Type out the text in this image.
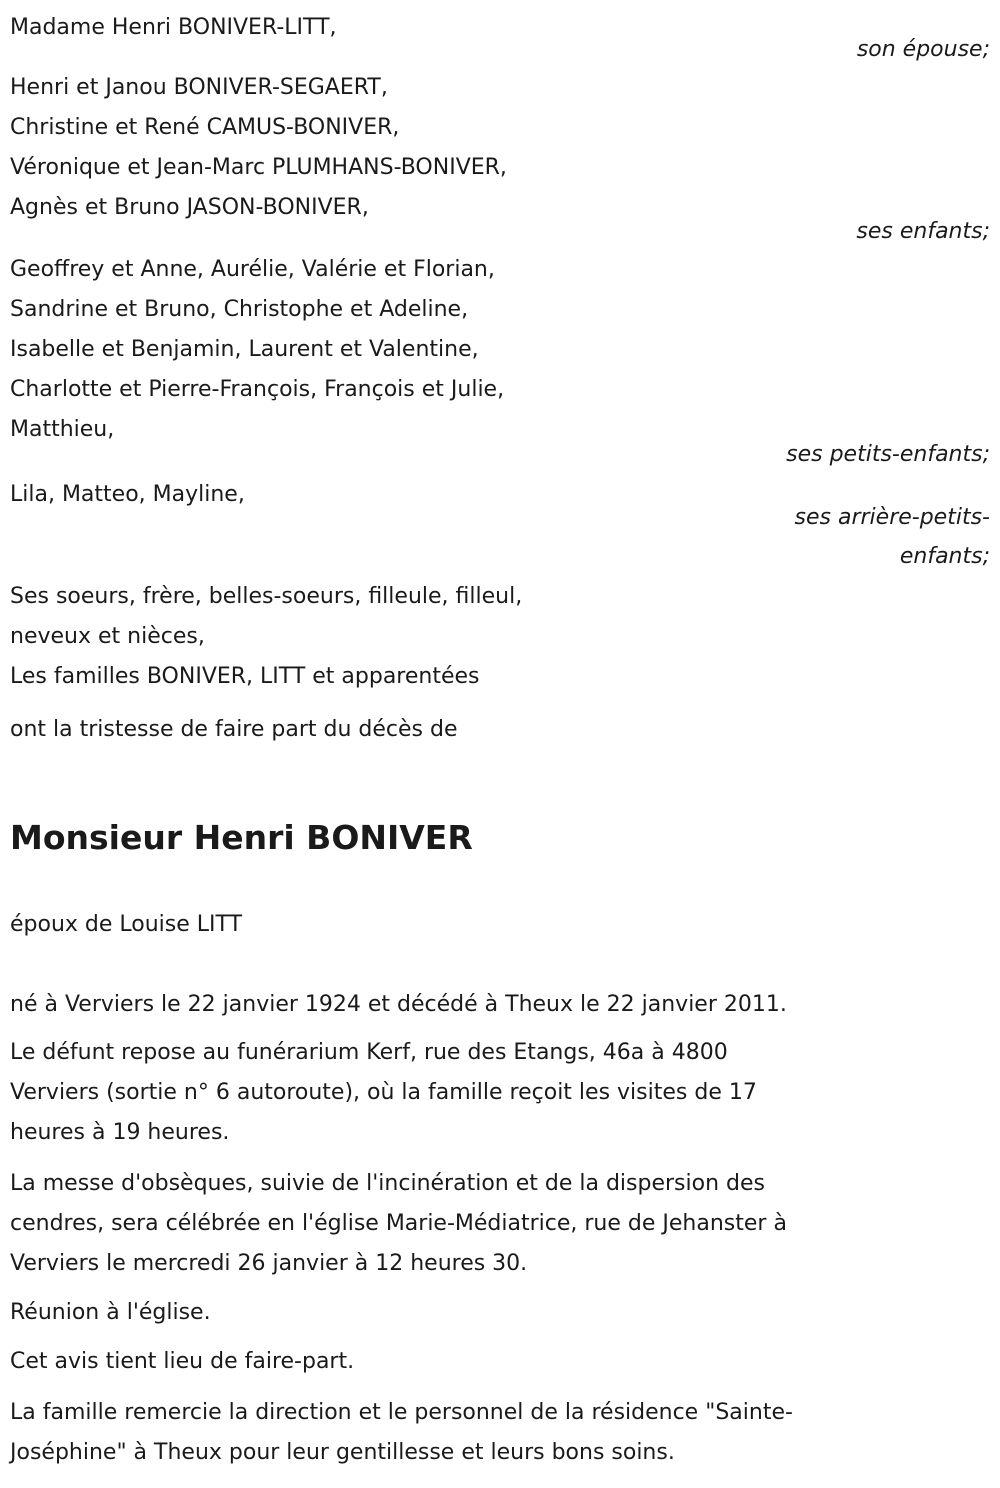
Madame Henri BONIVER-LITT,
son épouse;
Henri et Janou BONIVER-SEGAERT,
Christine et René CAMUS-BONIVER,
Véronique et Jean-Marc PLUMHANS-BONIVER,
Agnès et Bruno JASON-BONIVER,
ses enfants;
Geoffrey et Anne, Aurélie, Valérie et Florian,
Sandrine et Bruno, Christophe et Adeline,
Isabelle et Benjamin, Laurent et Valentine,
Charlotte et Pierre-François, François et Julie,
Matthieu,
ses petits-enfants;
Lila, Matteo, Mayline,
ses arrière-petits-
enfants;
Ses soeurs, frère, belles-soeurs, filleule, filleul,
neveux et nièces,
Les familles BONIVER, LITT et apparentées
ont la tristesse de faire part du décès de
Monsieur Henri BONIVER
époux de Louise LITT
né à Verviers le 22 janvier 1924 et décédé à Theux le 22 janvier 2011.
Le défunt repose au funérarium Kerf, rue des Etangs, 46a à 4800
Verviers (sortie n° 6 autoroute), où la famille reçoit les visites de 17
heures à 19 heures.
La messe d'obsèques, suivie de l'incinération et de la dispersion des
cendres, sera célébrée en l'église Marie-Médiatrice, rue de Jehanster à
Verviers le mercredi 26 janvier à 12 heures 30.
Réunion à l'église.
Cet avis tient lieu de faire-part.
La famille remercie la direction et le personnel de la résidence "Sainte-
Joséphine" à Theux pour leur gentillesse et leurs bons soins.
